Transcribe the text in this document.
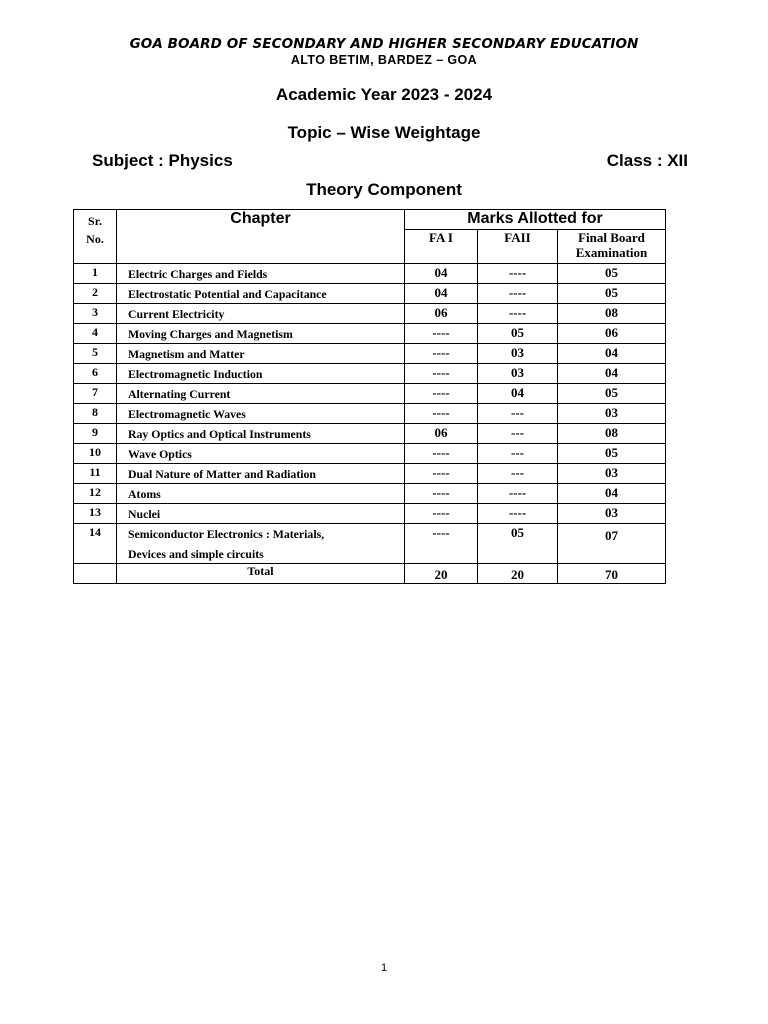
GOA BOARD OF SECONDARY AND HIGHER SECONDARY EDUCATION
ALTO BETIM, BARDEZ – GOA
Academic Year 2023 - 2024
Topic – Wise Weightage
Subject : Physics	Class : XII
Theory Component
Sr.
No.	Chapter	Marks Allotted for		
		FA I	FAII	Final Board
Examination

1	Electric Charges and Fields	04	----	05
2	Electrostatic Potential and Capacitance	04	----	05
3	Current Electricity	06	----	08
4	Moving Charges and Magnetism	----	05	06
5	Magnetism and Matter	----	03	04
6	Electromagnetic Induction	----	03	04
7	Alternating Current	----	04	05
8	Electromagnetic Waves	----	---	03
9	Ray Optics and Optical Instruments	06	---	08
10	Wave Optics	----	---	05
11	Dual Nature of Matter and Radiation	----	---	03
12	Atoms	----	----	04
13	Nuclei	----	----	03
14	Semiconductor Electronics : Materials,
Devices and simple circuits	----	05	07
	Total	20	20	70
1
